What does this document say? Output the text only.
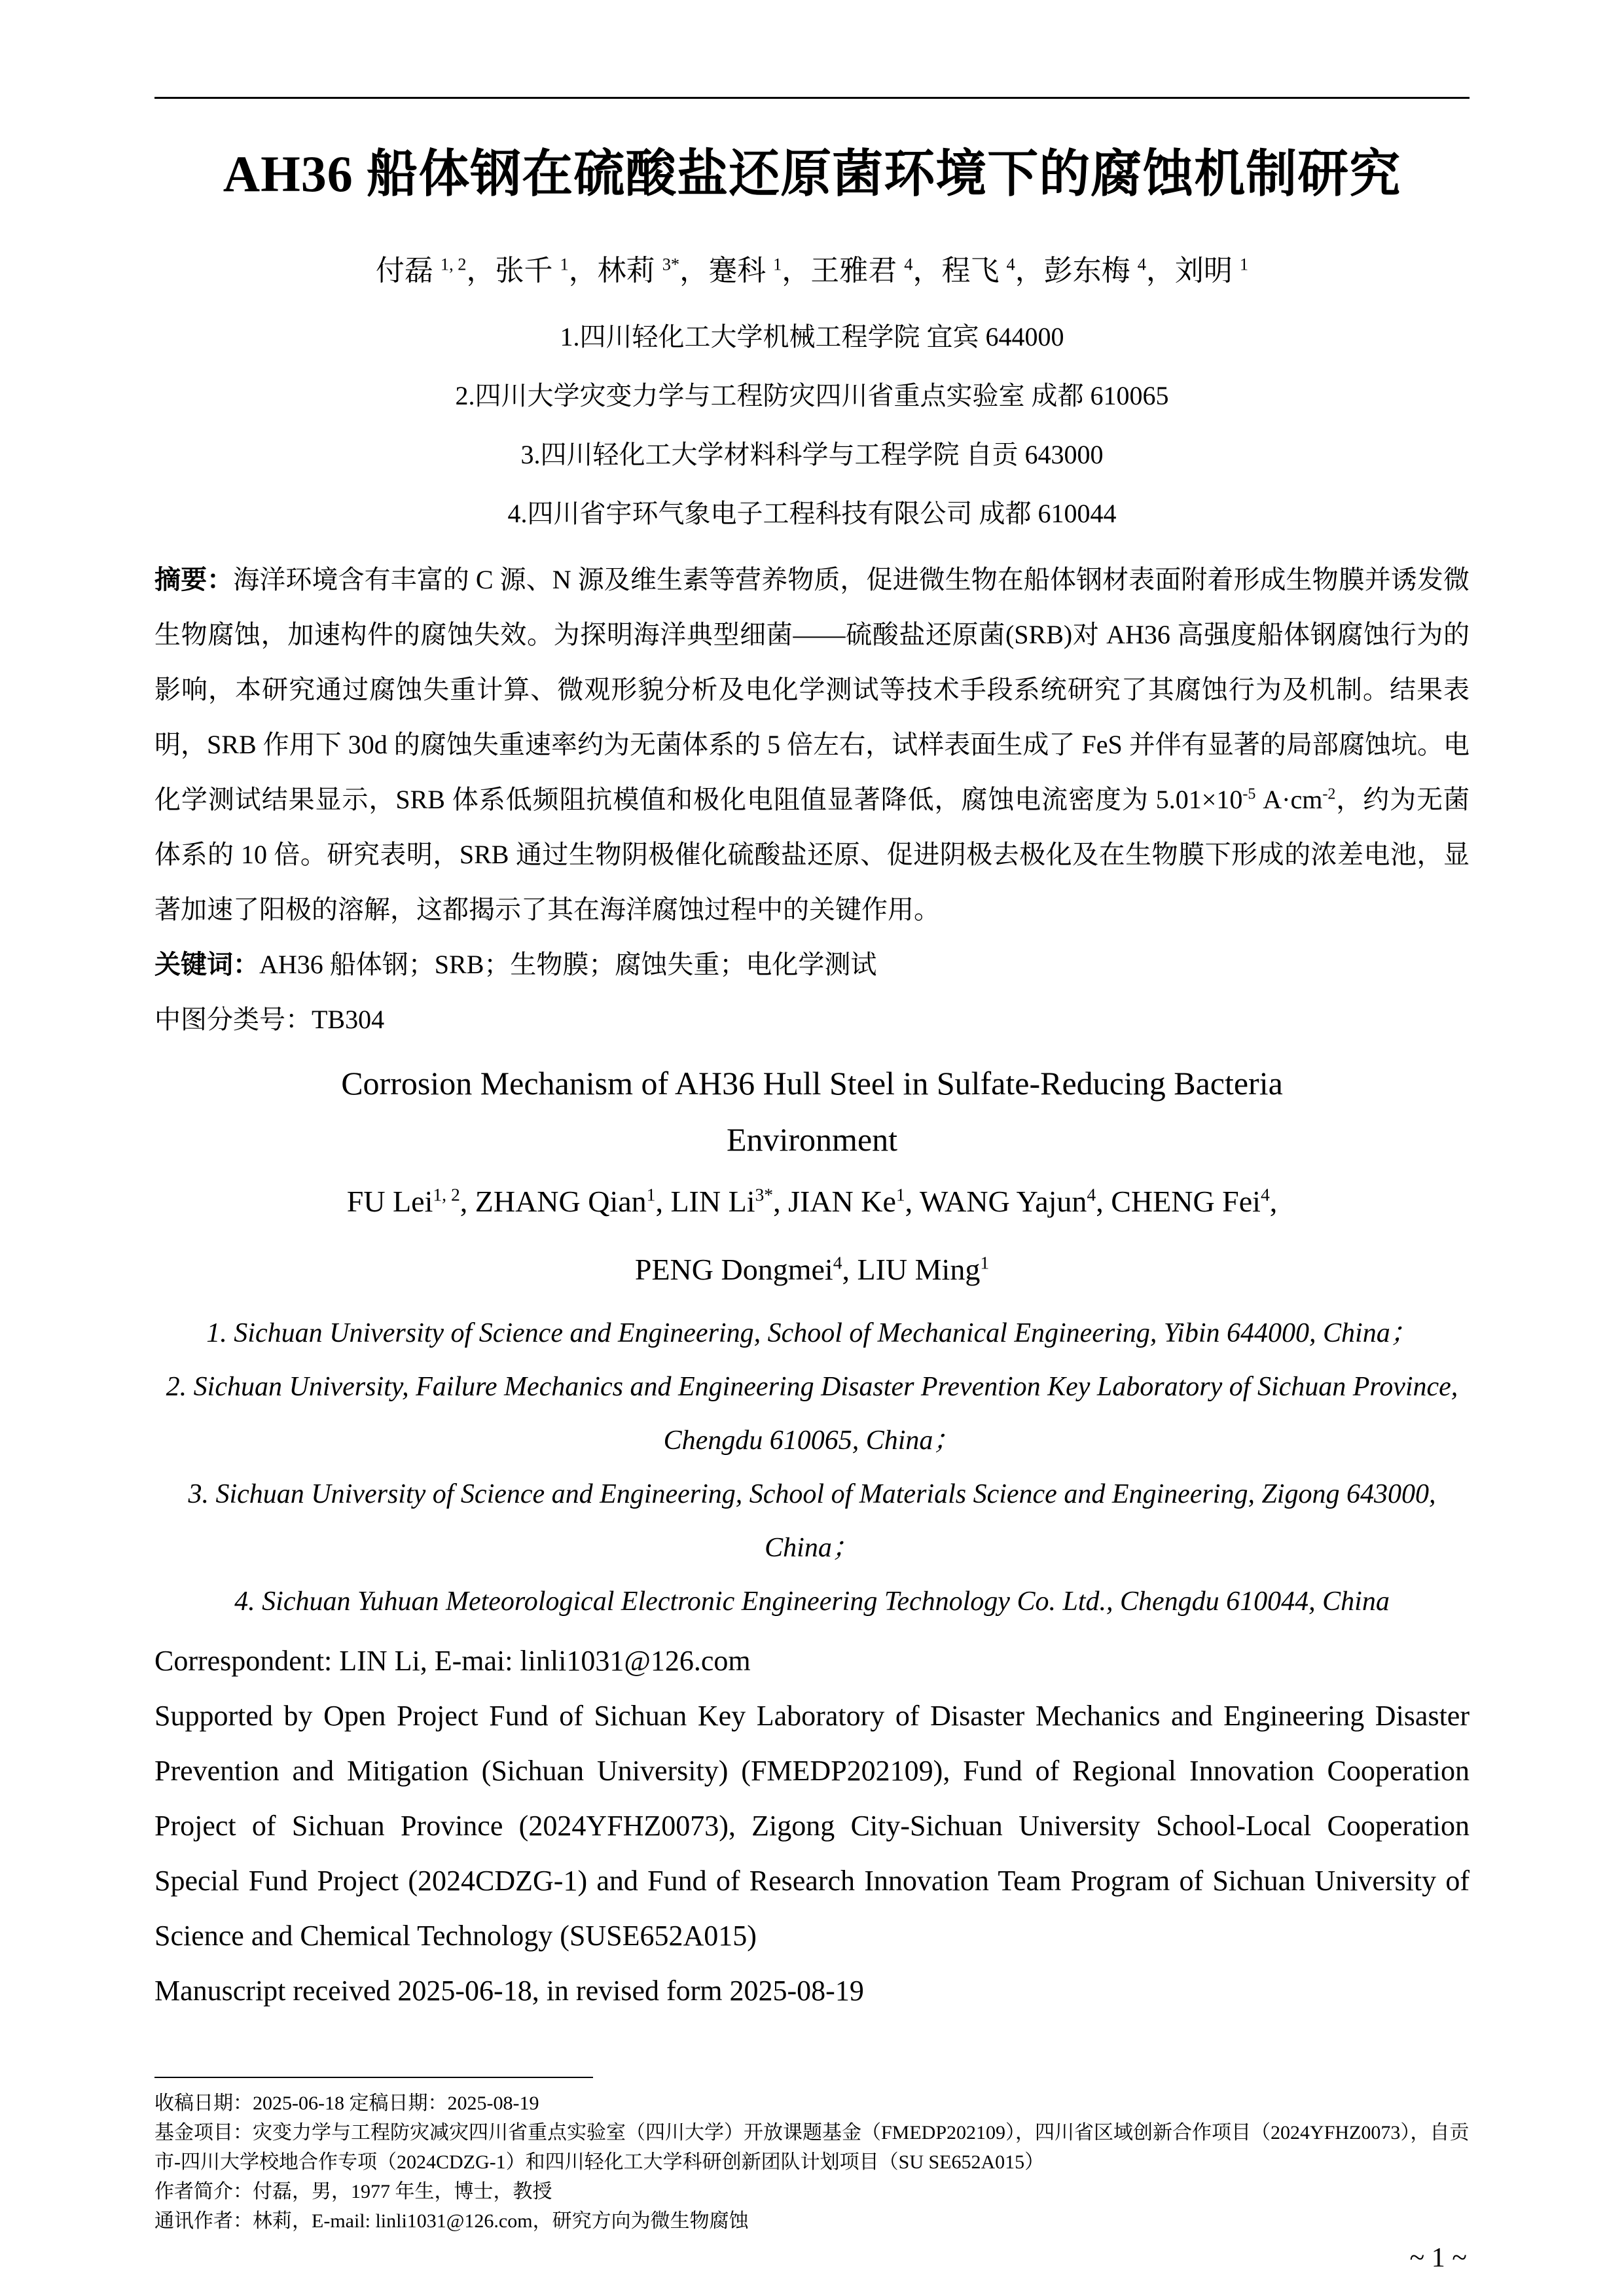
AH36 船体钢在硫酸盐还原菌环境下的腐蚀机制研究
付磊 $^{1, 2}$，张千 $^1$，林莉 $^{3*}$，蹇科 $^1$，王雅君 $^4$，程飞 $^4$，彭东梅 $^4$，刘明 $^1$
1.四川轻化工大学机械工程学院 宜宾 644000
2.四川大学灾变力学与工程防灾四川省重点实验室 成都 610065
3.四川轻化工大学材料科学与工程学院 自贡 643000
4.四川省宇环气象电子工程科技有限公司 成都 610044

摘要：海洋环境含有丰富的 C 源、N 源及维生素等营养物质，促进微生物在船体钢材表面附着形成生物膜并诱发微生物腐蚀，加速构件的腐蚀失效。为探明海洋典型细菌——硫酸盐还原菌(SRB)对 AH36 高强度船体钢腐蚀行为的影响，本研究通过腐蚀失重计算、微观形貌分析及电化学测试等技术手段系统研究了其腐蚀行为及机制。结果表明，SRB 作用下 30d 的腐蚀失重速率约为无菌体系的 5 倍左右，试样表面生成了 FeS 并伴有显著的局部腐蚀坑。电化学测试结果显示，SRB 体系低频阻抗模值和极化电阻值显著降低，腐蚀电流密度为 $5.01\times 10^{-5}$ $A\cdot cm^{-2}$，约为无菌体系的 10 倍。研究表明，SRB 通过生物阴极催化硫酸盐还原、促进阴极去极化及在生物膜下形成的浓差电池，显著加速了阳极的溶解，这都揭示了其在海洋腐蚀过程中的关键作用。

关键词：AH36 船体钢；SRB；生物膜；腐蚀失重；电化学测试

中图分类号：TB304

Corrosion Mechanism of AH36 Hull Steel in Sulfate-Reducing Bacteria
Environment
FU Lei$^{1, 2}$, ZHANG Qian$^1$, LIN $Li^{3*}$, JIAN Ke$^1$, WANG Yajun$^4$, CHENG Fei$^4$,
PENG Dongmei$^4$, LIU Ming$^1$
1. Sichuan University of Science and Engineering, School of Mechanical Engineering, Yibin 644000, China；
2. Sichuan University, Failure Mechanics and Engineering Disaster Prevention Key Laboratory of Sichuan Province, Chengdu 610065, China；
3. Sichuan University of Science and Engineering, School of Materials Science and Engineering, Zigong 643000, China；
4. Sichuan Yuhuan Meteorological Electronic Engineering Technology Co. Ltd., Chengdu 610044, China

Correspondent: LIN Li, E-mai: linli1031@126.com

Supported by Open Project Fund of Sichuan Key Laboratory of Disaster Mechanics and Engineering Disaster Prevention and Mitigation (Sichuan University) (FMEDP202109), Fund of Regional Innovation Cooperation Project of Sichuan Province (2024YFHZ0073), Zigong City-Sichuan University School-Local Cooperation Special Fund Project (2024CDZG-1) and Fund of Research Innovation Team Program of Sichuan University of Science and Chemical Technology (SUSE652A015)

Manuscript received 2025-06-18, in revised form 2025-08-19

收稿日期：2025-06-18 定稿日期：2025-08-19
基金项目：灾变力学与工程防灾减灾四川省重点实验室（四川大学）开放课题基金（FMEDP202109），四川省区域创新合作项目（2024YFHZ0073），自贡市-四川大学校地合作专项（2024CDZG-1）和四川轻化工大学科研创新团队计划项目（SU SE652A015）
作者简介：付磊，男，1977 年生，博士，教授
通讯作者：林莉，E-mail: linli1031@126.com，研究方向为微生物腐蚀
~ 1 ~
